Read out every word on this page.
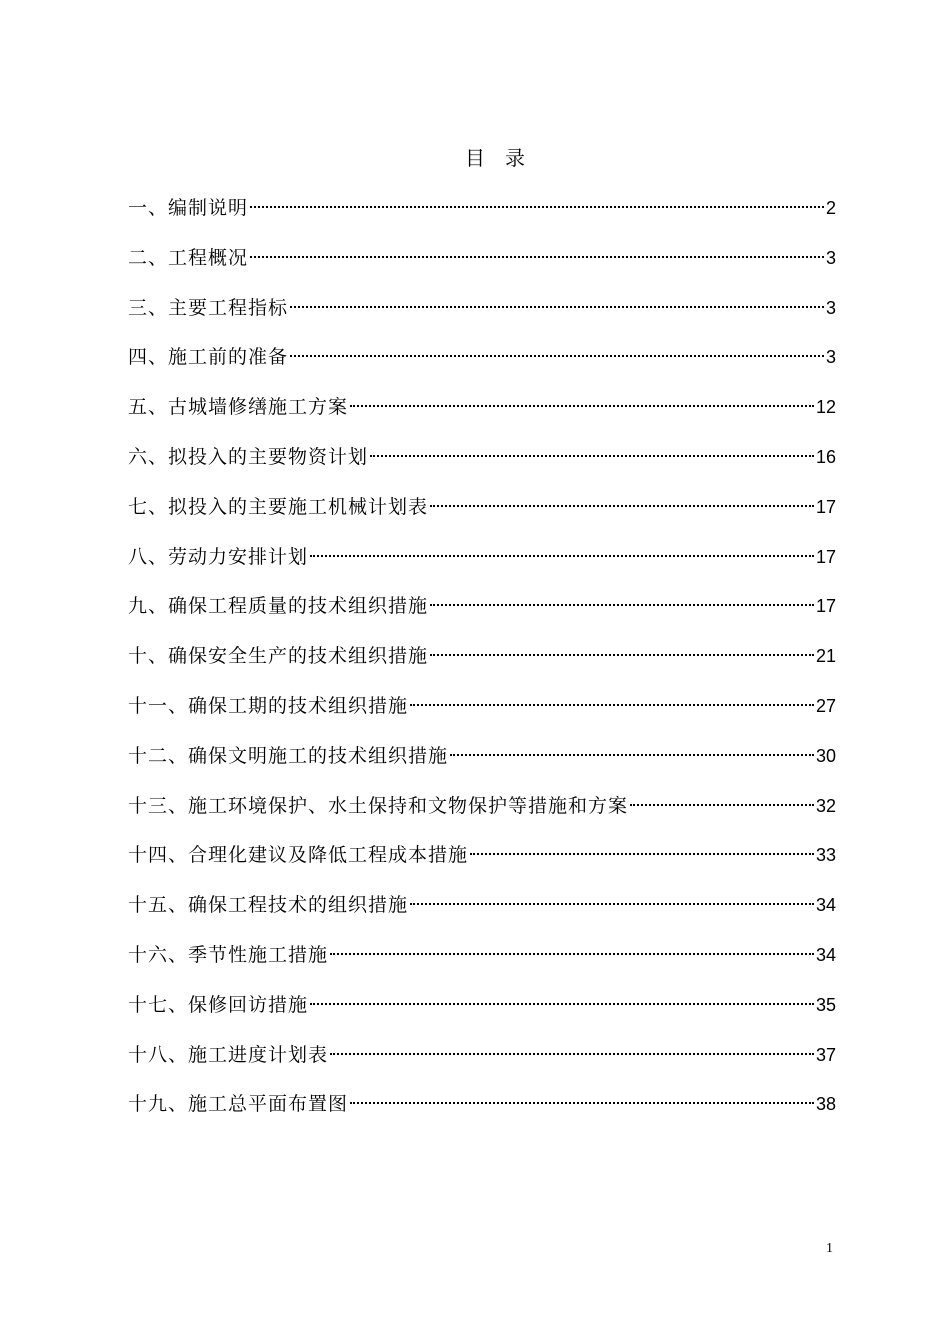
目录
一、编制说明	2
二、工程概况	3
三、主要工程指标	3
四、施工前的准备	3
五、古城墙修缮施工方案	12
六、拟投入的主要物资计划	16
七、拟投入的主要施工机械计划表	17
八、劳动力安排计划	17
九、确保工程质量的技术组织措施	17
十、确保安全生产的技术组织措施	21
十一、确保工期的技术组织措施	27
十二、确保文明施工的技术组织措施	30
十三、施工环境保护、水土保持和文物保护等措施和方案	32
十四、合理化建议及降低工程成本措施	33
十五、确保工程技术的组织措施	34
十六、季节性施工措施	34
十七、保修回访措施	35
十八、施工进度计划表	37
十九、施工总平面布置图	38
1
